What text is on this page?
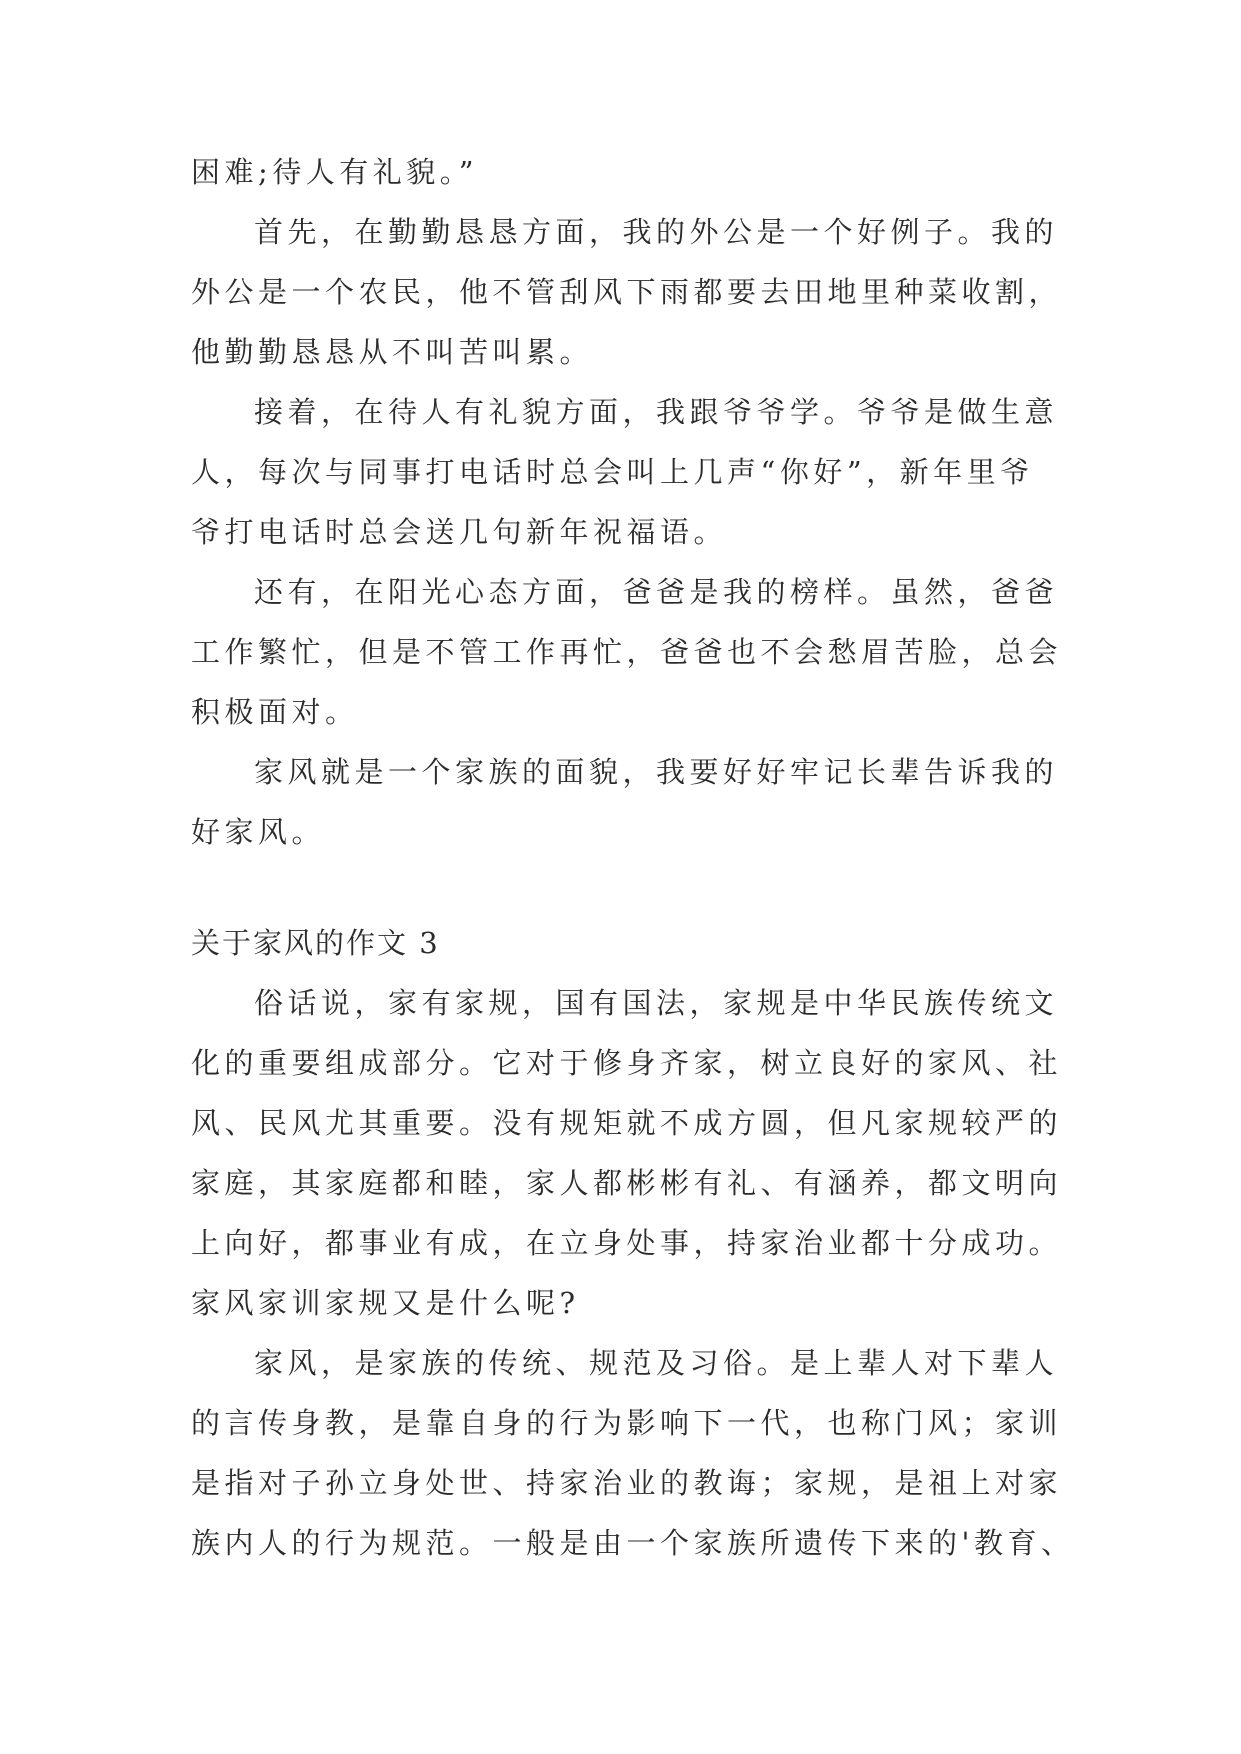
困难;待人有礼貌。”

首先，在勤勤恳恳方面，我的外公是一个好例子。我的

外公是一个农民，他不管刮风下雨都要去田地里种菜收割，

他勤勤恳恳从不叫苦叫累。

接着，在待人有礼貌方面，我跟爷爷学。爷爷是做生意

人，每次与同事打电话时总会叫上几声“你好”，新年里爷

爷打电话时总会送几句新年祝福语。

还有，在阳光心态方面，爸爸是我的榜样。虽然，爸爸

工作繁忙，但是不管工作再忙，爸爸也不会愁眉苦脸，总会

积极面对。

家风就是一个家族的面貌，我要好好牢记长辈告诉我的

好家风。

关于家风的作文 3

俗话说，家有家规，国有国法，家规是中华民族传统文

化的重要组成部分。它对于修身齐家，树立良好的家风、社

风、民风尤其重要。没有规矩就不成方圆，但凡家规较严的

家庭，其家庭都和睦，家人都彬彬有礼、有涵养，都文明向

上向好，都事业有成，在立身处事，持家治业都十分成功。

家风家训家规又是什么呢?

家风，是家族的传统、规范及习俗。是上辈人对下辈人

的言传身教，是靠自身的行为影响下一代，也称门风；家训

是指对子孙立身处世、持家治业的教诲；家规，是祖上对家

族内人的行为规范。一般是由一个家族所遗传下来的'教育、
